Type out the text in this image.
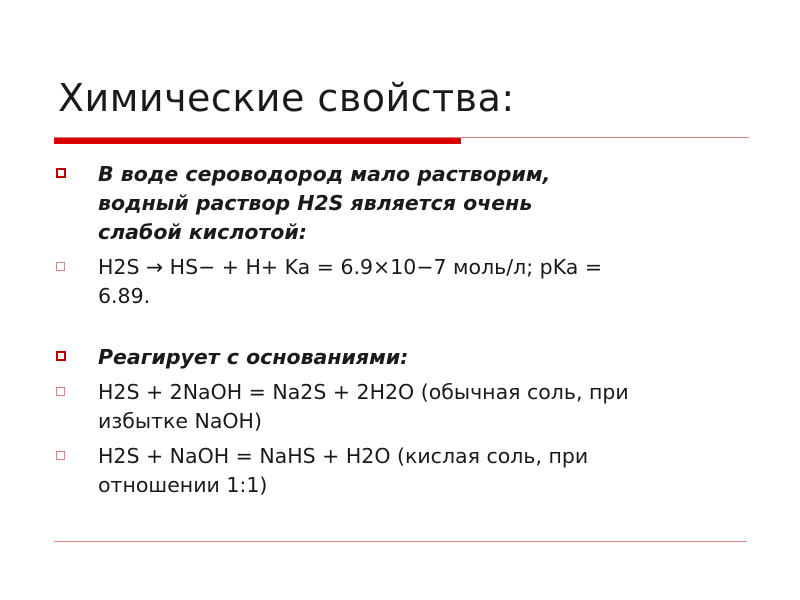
Химические свойства:
В воде сероводород мало растворим,
водный раствор H2S является очень
слабой кислотой:
H2S → HS− + H+ Ka = 6.9×10−7 моль/л; pKa =
6.89.
Реагирует с основаниями:
H2S + 2NaOH = Na2S + 2H2O (обычная соль, при
избытке NaOH)
H2S + NaOH = NaHS + H2O (кислая соль, при
отношении 1:1)
